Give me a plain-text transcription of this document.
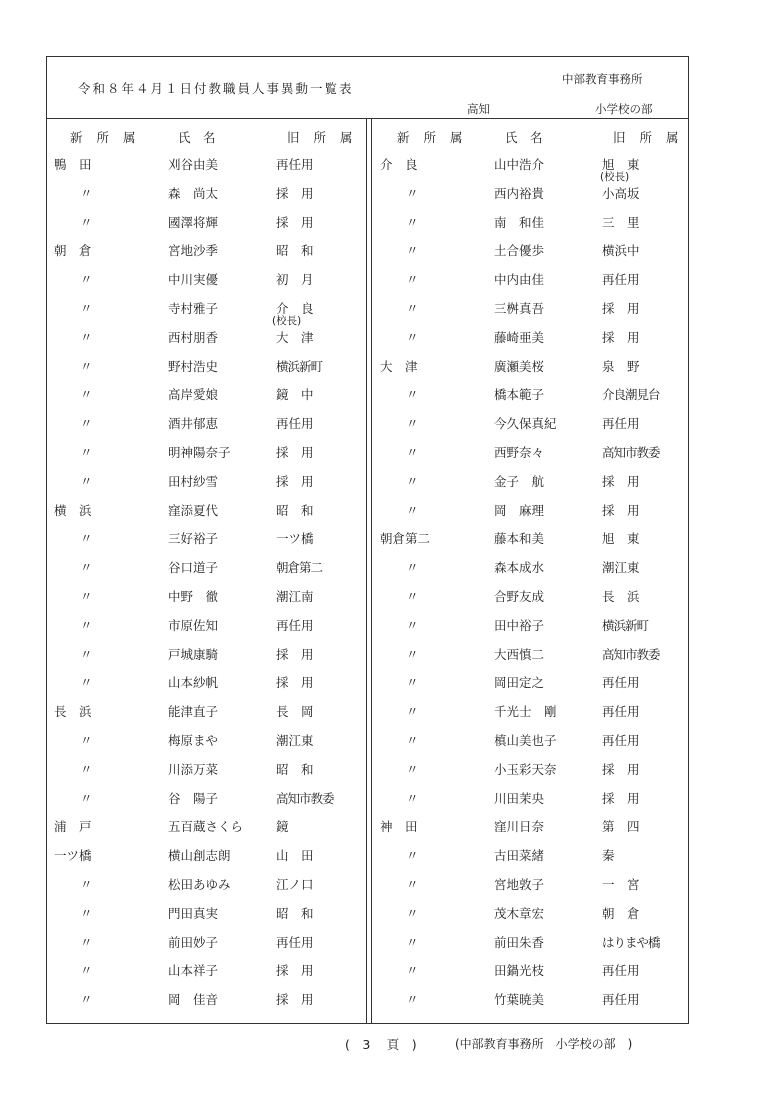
令和８年４月１日付教職員人事異動一覧表
中部教育事務所
高知	小学校の部
新 所 属	氏　名	旧 所 属	新 所 属	氏　名	旧 所 属
鴨　田	刈谷由美	再任用
〃	森　尚太	採　用
〃	國澤将輝	採　用
朝　倉	宮地沙季	昭　和
〃	中川実優	初　月
〃	寺村雅子	介　良
〃	西村朋香	大　津
〃	野村浩史	横浜新町
〃	高岸愛娘	鏡　中
〃	酒井郁恵	再任用
〃	明神陽奈子	採　用
〃	田村紗雪	採　用
横　浜	窪添夏代	昭　和
〃	三好裕子	一ツ橋
〃	谷口道子	朝倉第二
〃	中野　徹	潮江南
〃	市原佐知	再任用
〃	戸城康騎	採　用
〃	山本紗帆	採　用
長　浜	能津直子	長　岡
〃	梅原まや	潮江東
〃	川添万菜	昭　和
〃	谷　陽子	高知市教委
浦　戸	五百蔵さくら	鏡
一ツ橋	横山創志朗	山　田
〃	松田あゆみ	江ノ口
〃	門田真実	昭　和
〃	前田妙子	再任用
〃	山本祥子	採　用
〃	岡　佳音	採　用
介　良	山中浩介	旭　東
〃	西内裕貴	小高坂
〃	南　和佳	三　里
〃	土合優歩	横浜中
〃	中内由佳	再任用
〃	三桝真吾	採　用
〃	藤崎亜美	採　用
大　津	廣瀬美桜	泉　野
〃	橋本範子	介良潮見台
〃	今久保真紀	再任用
〃	西野奈々	高知市教委
〃	金子　航	採　用
〃	岡　麻理	採　用
朝倉第二	藤本和美	旭　東
〃	森本成水	潮江東
〃	合野友成	長　浜
〃	田中裕子	横浜新町
〃	大西慎二	高知市教委
〃	岡田定之	再任用
〃	千光士　剛	再任用
〃	槙山美也子	再任用
〃	小玉彩天奈	採　用
〃	川田茉央	採　用
神　田	窪川日奈	第　四
〃	古田菜緒	秦
〃	宮地敦子	一　宮
〃	茂木章宏	朝　倉
〃	前田朱香	はりまや橋
〃	田鍋光枝	再任用
〃	竹葉暁美	再任用
(校長)
(校長)
(　3　 頁　)	(中部教育事務所　小学校の部　)
